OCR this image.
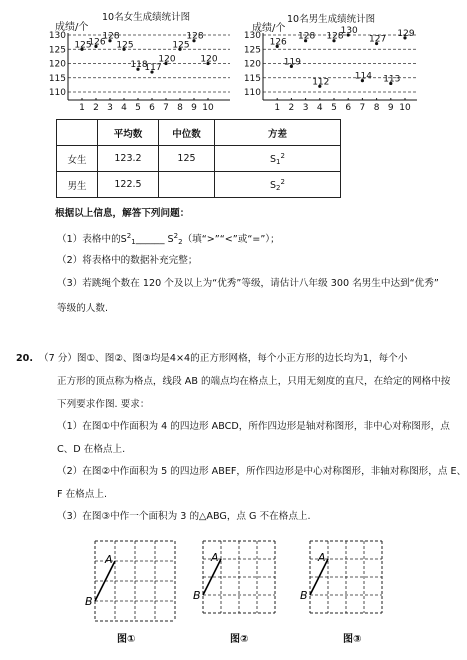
10名女生成绩统计图
成绩/个
130
125
120
115
110
1 2 3 4 5 6 7 8 9 10
125
126
128
125
118
117
120
125
128
120
10名男生成绩统计图
成绩/个
130
125
120
115
110
1 2 3 4 5 6 7 8 9 10
126
119
128
112
128
130
114
127
113
129
	平均数	中位数	方差
女生	123.2	125	$S_1^2$
男生	122.5		$S_2^2$
根据以上信息，解答下列问题：
（1）表格中的$S^2_1\_\_\_\_\_\_$ $S^2_2$（填“>”“<”或“=”）；
（2）将表格中的数据补充完整；
（3）若跳绳个数在 120 个及以上为“优秀”等级，请估计八年级 300 名男生中达到“优秀”
等级的人数.
20. （7 分）图①、图②、图③均是4×4的正方形网格，每个小正方形的边长均为1，每个小
正方形的顶点称为格点，线段 AB 的端点均在格点上，只用无刻度的直尺，在给定的网格中按
下列要求作图. 要求：
（1）在图①中作面积为 4 的四边形 ABCD，所作四边形是轴对称图形，非中心对称图形，点
C、D 在格点上.
（2）在图②中作面积为 5 的四边形 ABEF，所作四边形是中心对称图形，非轴对称图形，点 E、
F 在格点上.
（3）在图③中作一个面积为 3 的△ABG，点 G 不在格点上.
A
B
A
B
A
B
图①	图②	图③
